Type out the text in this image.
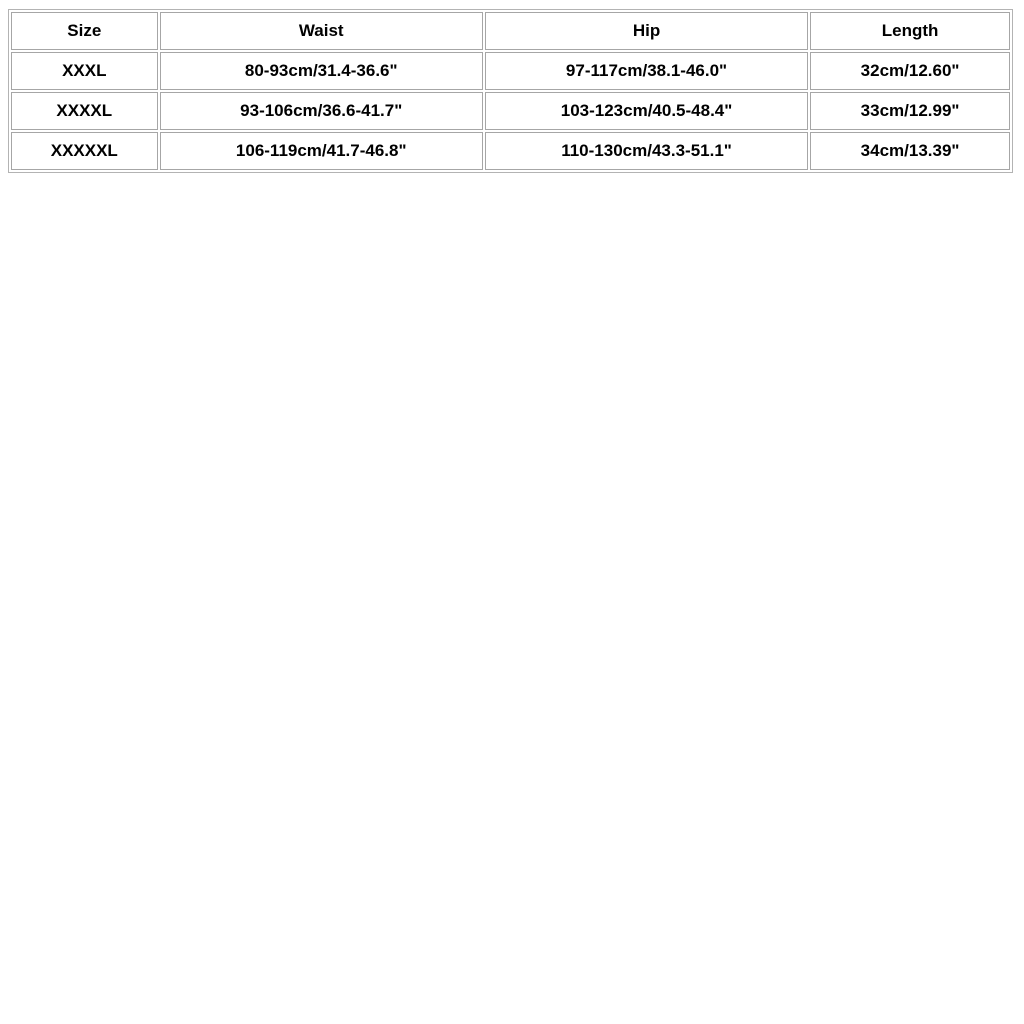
Size	Waist	Hip	Length
XXXL	80-93cm/31.4-36.6"	97-117cm/38.1-46.0"	32cm/12.60"
XXXXL	93-106cm/36.6-41.7"	103-123cm/40.5-48.4"	33cm/12.99"
XXXXXL	106-119cm/41.7-46.8"	110-130cm/43.3-51.1"	34cm/13.39"
